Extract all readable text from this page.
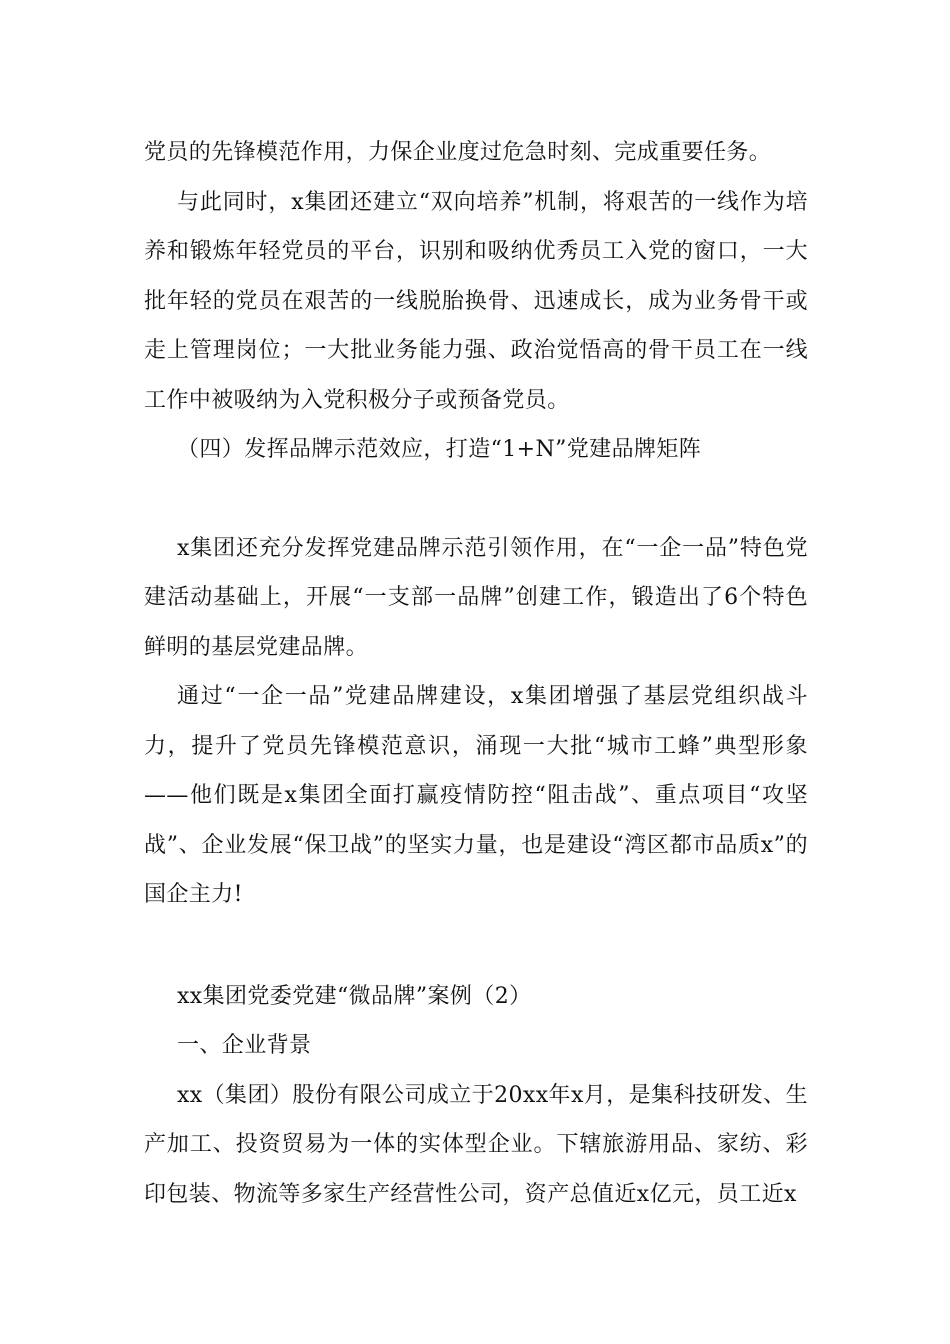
党员的先锋模范作用，力保企业度过危急时刻、完成重要任务。

与此同时，x集团还建立“双向培养”机制，将艰苦的一线作为培养和锻炼年轻党员的平台，识别和吸纳优秀员工入党的窗口，一大批年轻的党员在艰苦的一线脱胎换骨、迅速成长，成为业务骨干或走上管理岗位；一大批业务能力强、政治觉悟高的骨干员工在一线工作中被吸纳为入党积极分子或预备党员。

（四）发挥品牌示范效应，打造“1+N”党建品牌矩阵

x集团还充分发挥党建品牌示范引领作用，在“一企一品”特色党建活动基础上，开展“一支部一品牌”创建工作，锻造出了6个特色鲜明的基层党建品牌。

通过“一企一品”党建品牌建设，x集团增强了基层党组织战斗力，提升了党员先锋模范意识，涌现一大批“城市工蜂”典型形象——他们既是x集团全面打赢疫情防控“阻击战”、重点项目“攻坚战”、企业发展“保卫战”的坚实力量，也是建设“湾区都市品质x”的国企主力!

xx集团党委党建“微品牌”案例（2）

一、企业背景

xx（集团）股份有限公司成立于20xx年x月，是集科技研发、生产加工、投资贸易为一体的实体型企业。下辖旅游用品、家纺、彩印包装、物流等多家生产经营性公司，资产总值近x亿元，员工近x
